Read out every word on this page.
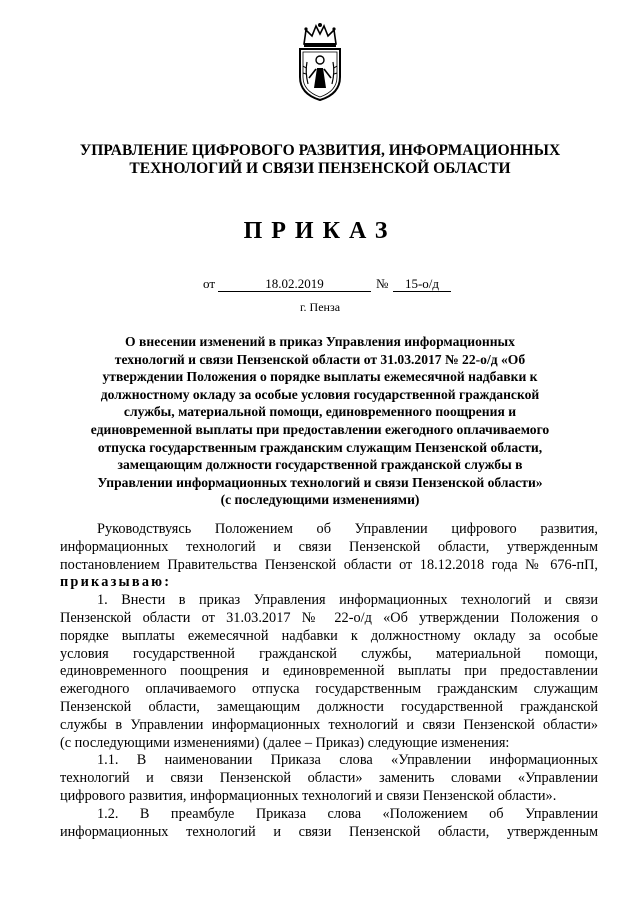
УПРАВЛЕНИЕ ЦИФРОВОГО РАЗВИТИЯ, ИНФОРМАЦИОННЫХ
ТЕХНОЛОГИЙ И СВЯЗИ ПЕНЗЕНСКОЙ ОБЛАСТИ
ПРИКАЗ
от	18.02.2019	№	15-о/д
г. Пенза
О внесении изменений в приказ Управления информационных
технологий и связи Пензенской области от 31.03.2017 № 22-о/д «Об
утверждении Положения о порядке выплаты ежемесячной надбавки к
должностному окладу за особые условия государственной гражданской
службы, материальной помощи, единовременного поощрения и
единовременной выплаты при предоставлении ежегодного оплачиваемого
отпуска государственным гражданским служащим Пензенской области,
замещающим должности государственной гражданской службы в
Управлении информационных технологий и связи Пензенской области»
(с последующими изменениями)
Руководствуясь Положением об Управлении цифрового развития,
информационных технологий и связи Пензенской области, утвержденным
постановлением Правительства Пензенской области от 18.12.2018 года № 676-пП,
приказываю:
1. Внести в приказ Управления информационных технологий и связи
Пензенской области от 31.03.2017 № 22-о/д «Об утверждении Положения о
порядке выплаты ежемесячной надбавки к должностному окладу за особые
условия государственной гражданской службы, материальной помощи,
единовременного поощрения и единовременной выплаты при предоставлении
ежегодного оплачиваемого отпуска государственным гражданским служащим
Пензенской области, замещающим должности государственной гражданской
службы в Управлении информационных технологий и связи Пензенской области»
(с последующими изменениями) (далее – Приказ) следующие изменения:
1.1. В наименовании Приказа слова «Управлении информационных
технологий и связи Пензенской области» заменить словами «Управлении
цифрового развития, информационных технологий и связи Пензенской области».
1.2. В преамбуле Приказа слова «Положением об Управлении
информационных технологий и связи Пензенской области, утвержденным
